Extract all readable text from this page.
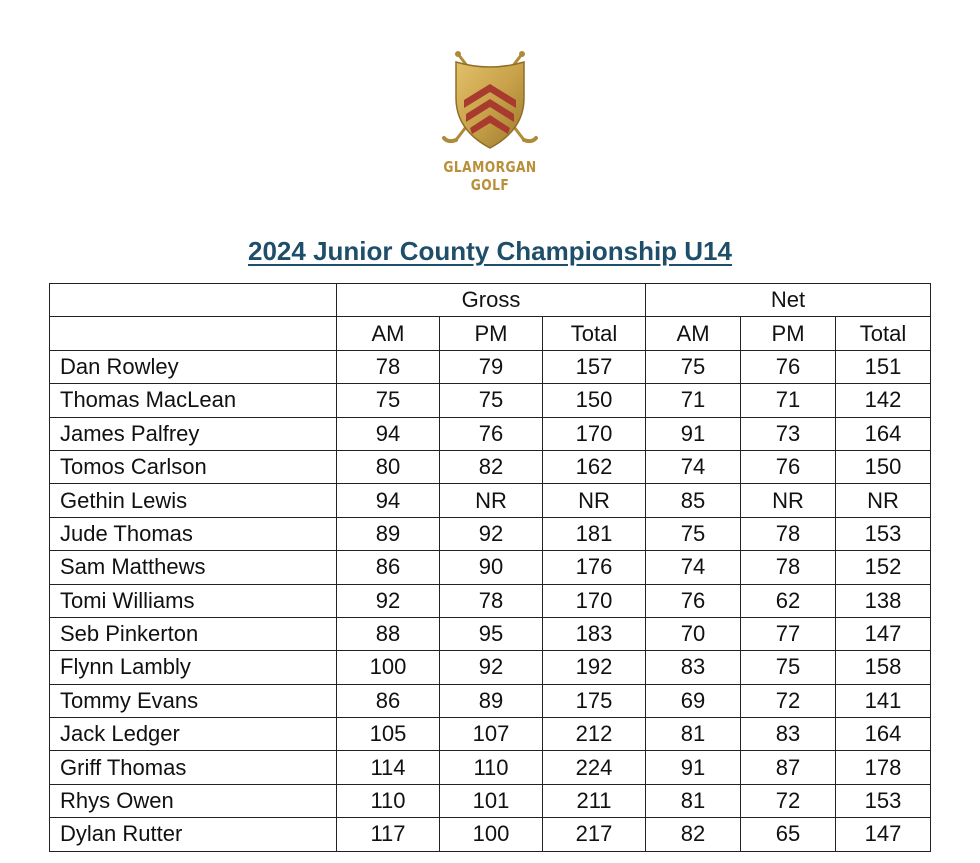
GLAMORGAN GOLF
2024 Junior County Championship U14
	Gross			Net		
	AM	PM	Total	AM	PM	Total
Dan Rowley	78	79	157	75	76	151
Thomas MacLean	75	75	150	71	71	142
James Palfrey	94	76	170	91	73	164
Tomos Carlson	80	82	162	74	76	150
Gethin Lewis	94	NR	NR	85	NR	NR
Jude Thomas	89	92	181	75	78	153
Sam Matthews	86	90	176	74	78	152
Tomi Williams	92	78	170	76	62	138
Seb Pinkerton	88	95	183	70	77	147
Flynn Lambly	100	92	192	83	75	158
Tommy Evans	86	89	175	69	72	141
Jack Ledger	105	107	212	81	83	164
Griff Thomas	114	110	224	91	87	178
Rhys Owen	110	101	211	81	72	153
Dylan Rutter	117	100	217	82	65	147
